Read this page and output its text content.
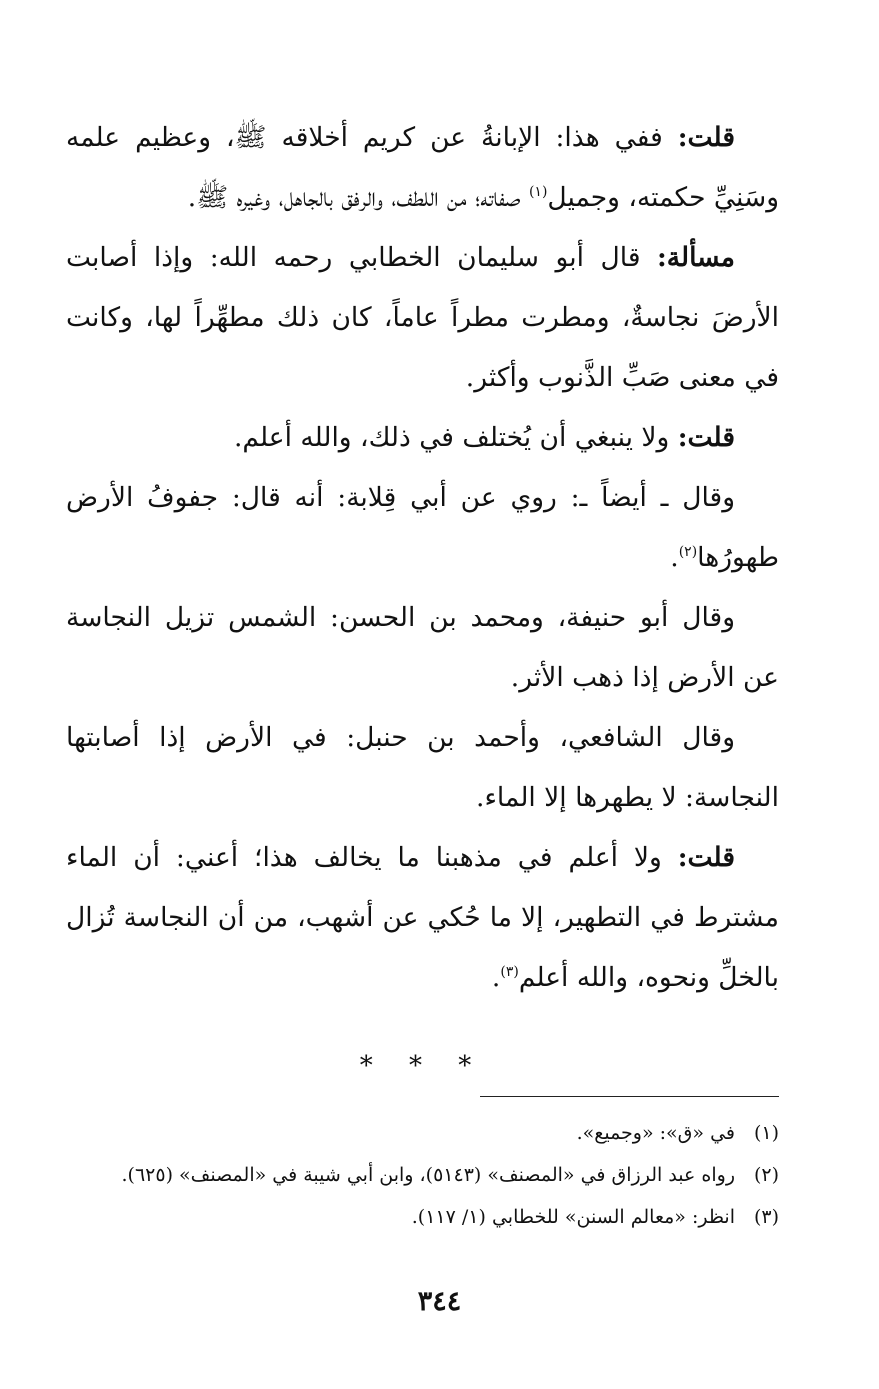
قلت: ففي هذا: الإبانةُ عن كريم أخلاقه ﷺ، وعظيم علمه وسَنِيِّ حكمته، وجميل$^{(١)}$ صفاته؛ من اللطف، والرفق بالجاهل، وغيره ﷺ.

مسألة: قال أبو سليمان الخطابي رحمه الله: وإذا أصابت الأرضَ نجاسةٌ، ومطرت مطراً عاماً، كان ذلك مطهِّراً لها، وكانت في معنى صَبِّ الذَّنوب وأكثر.

قلت: ولا ينبغي أن يُختلف في ذلك، والله أعلم.

وقال ـ أيضاً ـ: روي عن أبي قِلابة: أنه قال: جفوفُ الأرض طهورُها$^{(٢)}$.

وقال أبو حنيفة، ومحمد بن الحسن: الشمس تزيل النجاسة عن الأرض إذا ذهب الأثر.

وقال الشافعي، وأحمد بن حنبل: في الأرض إذا أصابتها النجاسة: لا يطهرها إلا الماء.

قلت: ولا أعلم في مذهبنا ما يخالف هذا؛ أعني: أن الماء مشترط في التطهير، إلا ما حُكي عن أشهب، من أن النجاسة تُزال بالخلِّ ونحوه، والله أعلم$^{(٣)}$.

* * *

(١)في «ق»: «وجميع».

(٢)رواه عبد الرزاق في «المصنف» (٥١٤٣)، وابن أبي شيبة في «المصنف» (٦٢٥).

(٣)انظر: «معالم السنن» للخطابي (١/ ١١٧).

٣٤٤
